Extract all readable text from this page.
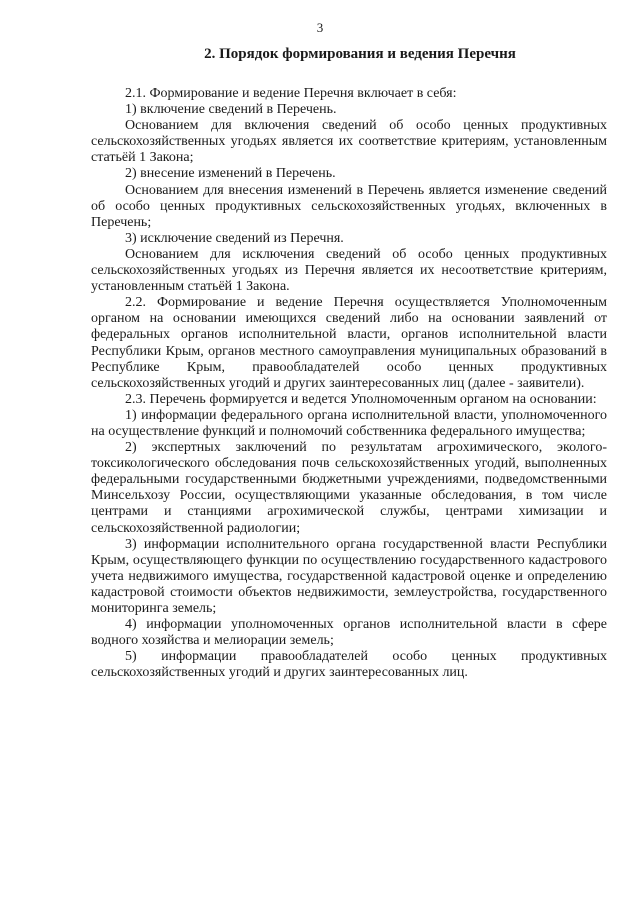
3
2. Порядок формирования и ведения Перечня

2.1. Формирование и ведение Перечня включает в себя:

1) включение сведений в Перечень.

Основанием для включения сведений об особо ценных продуктивных сельскохозяйственных угодьях является их соответствие критериям, установленным статьёй 1 Закона;

2) внесение изменений в Перечень.

Основанием для внесения изменений в Перечень является изменение сведений об особо ценных продуктивных сельскохозяйственных угодьях, включенных в Перечень;

3) исключение сведений из Перечня.

Основанием для исключения сведений об особо ценных продуктивных сельскохозяйственных угодьях из Перечня является их несоответствие критериям, установленным статьёй 1 Закона.

2.2. Формирование и ведение Перечня осуществляется Уполномоченным органом на основании имеющихся сведений либо на основании заявлений от федеральных органов исполнительной власти, органов исполнительной власти Республики Крым, органов местного самоуправления муниципальных образований в Республике Крым, правообладателей особо ценных продуктивных сельскохозяйственных угодий и других заинтересованных лиц (далее - заявители).

2.3. Перечень формируется и ведется Уполномоченным органом на основании:

1) информации федерального органа исполнительной власти, уполномоченного на осуществление функций и полномочий собственника федерального имущества;

2) экспертных заключений по результатам агрохимического, эколого-токсикологического обследования почв сельскохозяйственных угодий, выполненных федеральными государственными бюджетными учреждениями, подведомственными Минсельхозу России, осуществляющими указанные обследования, в том числе центрами и станциями агрохимической службы, центрами химизации и сельскохозяйственной радиологии;

3) информации исполнительного органа государственной власти Республики Крым, осуществляющего функции по осуществлению государственного кадастрового учета недвижимого имущества, государственной кадастровой оценке и определению кадастровой стоимости объектов недвижимости, землеустройства, государственного мониторинга земель;

4) информации уполномоченных органов исполнительной власти в сфере водного хозяйства и мелиорации земель;

5) информации правообладателей особо ценных продуктивных сельскохозяйственных угодий и других заинтересованных лиц.
